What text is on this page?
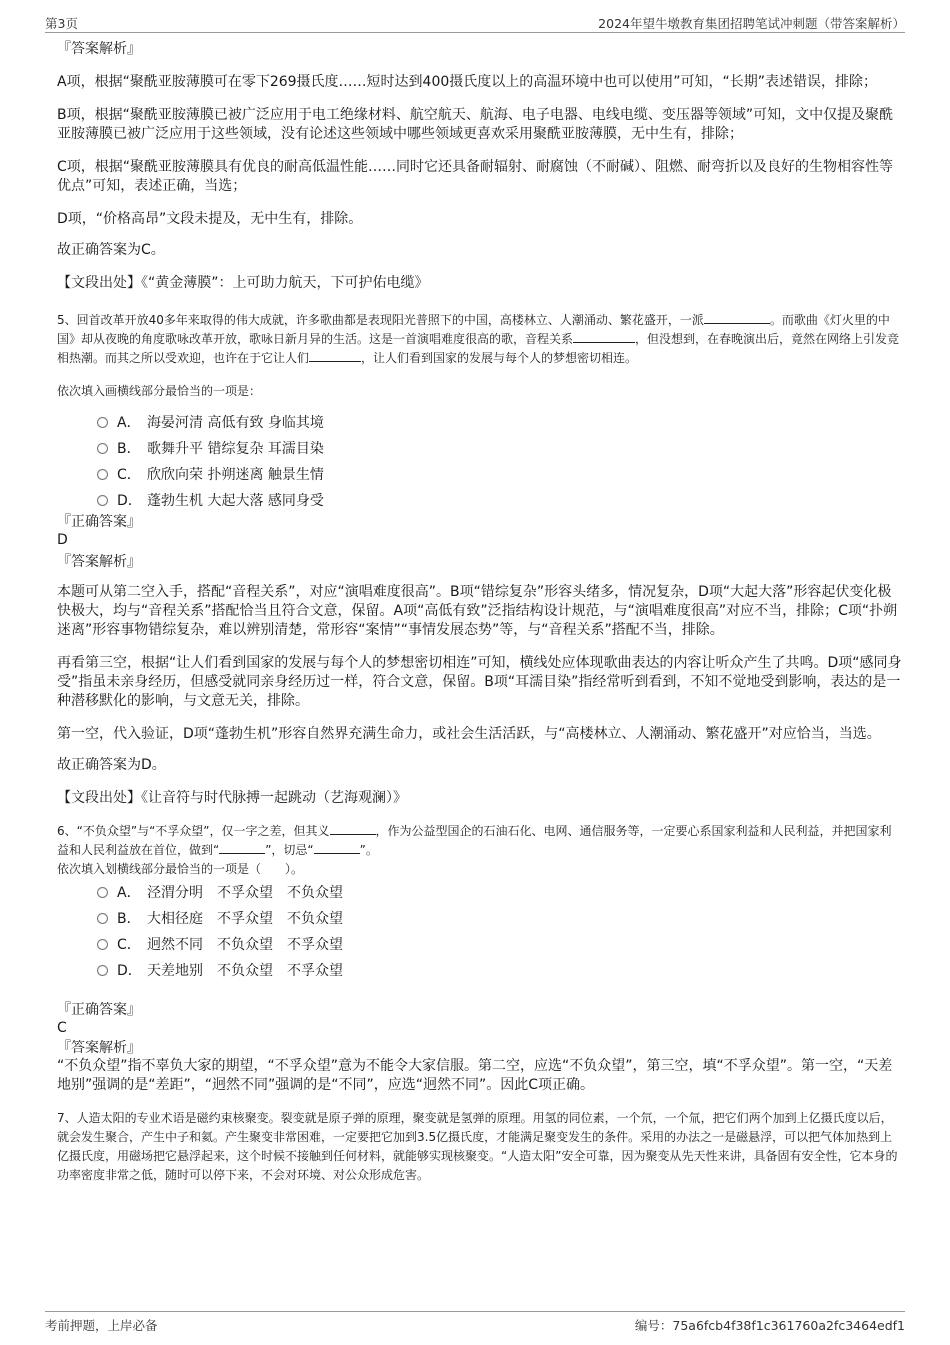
第3页	2024年望牛墩教育集团招聘笔试冲刺题（带答案解析）

『答案解析』

A项，根据“聚酰亚胺薄膜可在零下269摄氏度……短时达到400摄氏度以上的高温环境中也可以使用”可知，“长期”表述错误，排除；

B项，根据“聚酰亚胺薄膜已被广泛应用于电工绝缘材料、航空航天、航海、电子电器、电线电缆、变压器等领域”可知，文中仅提及聚酰亚胺薄膜已被广泛应用于这些领域，没有论述这些领域中哪些领域更喜欢采用聚酰亚胺薄膜，无中生有，排除；

C项，根据“聚酰亚胺薄膜具有优良的耐高低温性能……同时它还具备耐辐射、耐腐蚀（不耐碱）、阻燃、耐弯折以及良好的生物相容性等优点”可知，表述正确，当选；

D项，“价格高昂”文段未提及，无中生有，排除。

故正确答案为C。

【文段出处】《“黄金薄膜”：上可助力航天，下可护佑电缆》

5、回首改革开放40多年来取得的伟大成就，许多歌曲都是表现阳光普照下的中国，高楼林立、人潮涌动、繁花盛开，一派	。而歌曲《灯火里的中国》却从夜晚的角度歌咏改革开放，歌咏日新月异的生活。这是一首演唱难度很高的歌，音程关系	，但没想到，在春晚演出后，竟然在网络上引发竞相热潮。而其之所以受欢迎，也许在于它让人们	，让人们看到国家的发展与每个人的梦想密切相连。

依次填入画横线部分最恰当的一项是：

A． 海晏河清 高低有致 身临其境
B． 歌舞升平 错综复杂 耳濡目染
C． 欣欣向荣 扑朔迷离 触景生情
D． 蓬勃生机 大起大落 感同身受

『正确答案』

D

『答案解析』

本题可从第二空入手，搭配“音程关系”，对应“演唱难度很高”。B项“错综复杂”形容头绪多，情况复杂，D项“大起大落”形容起伏变化极快极大，均与“音程关系”搭配恰当且符合文意，保留。A项“高低有致”泛指结构设计规范，与“演唱难度很高”对应不当，排除；C项“扑朔迷离”形容事物错综复杂，难以辨别清楚，常形容“案情”“事情发展态势”等，与“音程关系”搭配不当，排除。

再看第三空，根据“让人们看到国家的发展与每个人的梦想密切相连”可知，横线处应体现歌曲表达的内容让听众产生了共鸣。D项“感同身受”指虽未亲身经历，但感受就同亲身经历过一样，符合文意，保留。B项“耳濡目染”指经常听到看到，不知不觉地受到影响，表达的是一种潜移默化的影响，与文意无关，排除。

第一空，代入验证，D项“蓬勃生机”形容自然界充满生命力，或社会生活活跃，与“高楼林立、人潮涌动、繁花盛开”对应恰当，当选。

故正确答案为D。

【文段出处】《让音符与时代脉搏一起跳动（艺海观澜）》

6、“不负众望”与“不孚众望”，仅一字之差，但其义	，作为公益型国企的石油石化、电网、通信服务等，一定要心系国家利益和人民利益，并把国家利益和人民利益放在首位，做到“	”，切忌“	”。

依次填入划横线部分最恰当的一项是（　　）。

A． 泾渭分明　不孚众望　不负众望
B． 大相径庭　不孚众望　不负众望
C． 迥然不同　不负众望　不孚众望
D． 天差地别　不负众望　不孚众望

『正确答案』

C

『答案解析』

“不负众望”指不辜负大家的期望，“不孚众望”意为不能令大家信服。第二空，应选“不负众望”，第三空，填“不孚众望”。第一空，“天差地别”强调的是“差距”，“迥然不同”强调的是“不同”，应选“迥然不同”。因此C项正确。

7、人造太阳的专业术语是磁约束核聚变。裂变就是原子弹的原理，聚变就是氢弹的原理。用氢的同位素，一个氘，一个氚，把它们两个加到上亿摄氏度以后，就会发生聚合，产生中子和氦。产生聚变非常困难，一定要把它加到3.5亿摄氏度，才能满足聚变发生的条件。采用的办法之一是磁悬浮，可以把气体加热到上亿摄氏度，用磁场把它悬浮起来，这个时候不接触到任何材料，就能够实现核聚变。“人造太阳”安全可靠，因为聚变从先天性来讲，具备固有安全性，它本身的功率密度非常之低，随时可以停下来，不会对环境、对公众形成危害。

考前押题，上岸必备	编号：75a6fcb4f38f1c361760a2fc3464edf1
